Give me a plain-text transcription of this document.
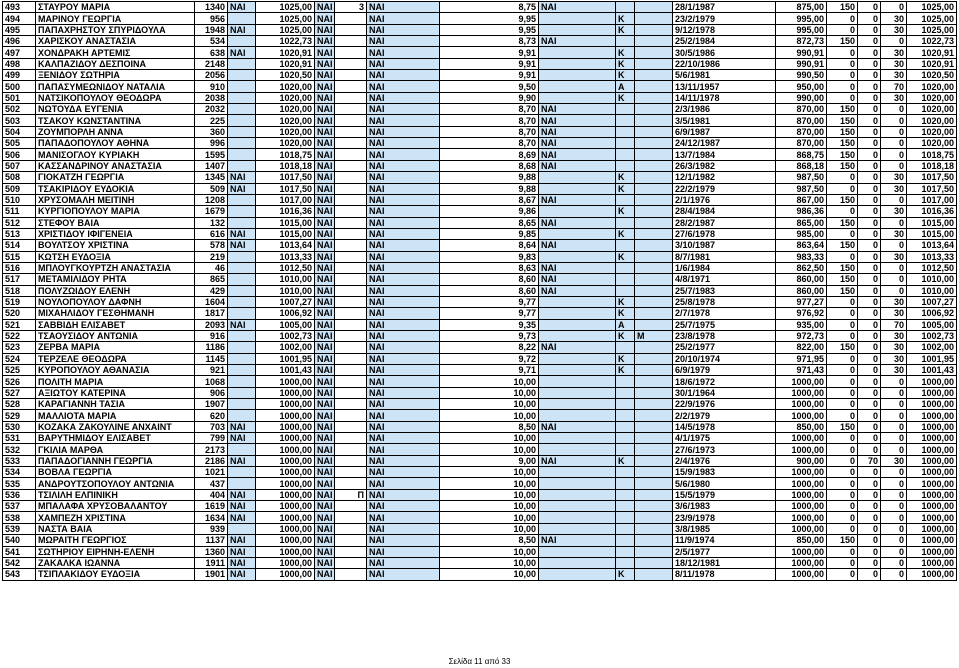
493	ΣΤΑΥΡΟΥ ΜΑΡΙΑ	1340	ΝΑΙ	1025,00	ΝΑΙ	3	ΝΑΙ	8,75	ΝΑΙ			28/1/1987	875,00	150	0	0	1025,00
494	ΜΑΡΙΝΟΥ ΓΕΩΡΓΙΑ	956		1025,00	ΝΑΙ		ΝΑΙ	9,95		Κ		23/2/1979	995,00	0	0	30	1025,00
495	ΠΑΠΑΧΡΗΣΤΟΥ ΣΠΥΡΙΔΟΥΛΑ	1948	ΝΑΙ	1025,00	ΝΑΙ		ΝΑΙ	9,95		Κ		9/12/1978	995,00	0	0	30	1025,00
496	ΧΑΡΙΣΚΟΥ ΑΝΑΣΤΑΣΙΑ	534		1022,73	ΝΑΙ		ΝΑΙ	8,73	ΝΑΙ			25/2/1984	872,73	150	0	0	1022,73
497	ΧΟΝΔΡΑΚΗ ΑΡΤΕΜΙΣ	638	ΝΑΙ	1020,91	ΝΑΙ		ΝΑΙ	9,91		Κ		30/5/1986	990,91	0	0	30	1020,91
498	ΚΑΛΠΑΖΙΔΟΥ ΔΕΣΠΟΙΝΑ	2148		1020,91	ΝΑΙ		ΝΑΙ	9,91		Κ		22/10/1986	990,91	0	0	30	1020,91
499	ΞΕΝΙΔΟΥ ΣΩΤΗΡΙΑ	2056		1020,50	ΝΑΙ		ΝΑΙ	9,91		Κ		5/6/1981	990,50	0	0	30	1020,50
500	ΠΑΠΑΣΥΜΕΩΝΙΔΟΥ ΝΑΤΑΛΙΑ	910		1020,00	ΝΑΙ		ΝΑΙ	9,50		Α		13/11/1957	950,00	0	0	70	1020,00
501	ΝΑΤΣΙΚΟΠΟΥΛΟΥ ΘΕΟΔΩΡΑ	2038		1020,00	ΝΑΙ		ΝΑΙ	9,90		Κ		14/11/1978	990,00	0	0	30	1020,00
502	ΝΩΤΟΥΔΑ ΕΥΓΕΝΙΑ	2032		1020,00	ΝΑΙ		ΝΑΙ	8,70	ΝΑΙ			2/3/1986	870,00	150	0	0	1020,00
503	ΤΣΑΚΟΥ ΚΩΝΣΤΑΝΤΙΝΑ	225		1020,00	ΝΑΙ		ΝΑΙ	8,70	ΝΑΙ			3/5/1981	870,00	150	0	0	1020,00
504	ΖΟΥΜΠΟΡΛΗ ΑΝΝΑ	360		1020,00	ΝΑΙ		ΝΑΙ	8,70	ΝΑΙ			6/9/1987	870,00	150	0	0	1020,00
505	ΠΑΠΑΔΟΠΟΥΛΟΥ ΑΘΗΝΑ	996		1020,00	ΝΑΙ		ΝΑΙ	8,70	ΝΑΙ			24/12/1987	870,00	150	0	0	1020,00
506	ΜΑΝΙΣΟΓΛΟΥ ΚΥΡΙΑΚΗ	1595		1018,75	ΝΑΙ		ΝΑΙ	8,69	ΝΑΙ			13/7/1984	868,75	150	0	0	1018,75
507	ΚΑΣΣΑΝΔΡΙΝΟΥ ΑΝΑΣΤΑΣΙΑ	1407		1018,18	ΝΑΙ		ΝΑΙ	8,68	ΝΑΙ			26/3/1982	868,18	150	0	0	1018,18
508	ΓΙΟΚΑΤΖΗ ΓΕΩΡΓΙΑ	1345	ΝΑΙ	1017,50	ΝΑΙ		ΝΑΙ	9,88		Κ		12/1/1982	987,50	0	0	30	1017,50
509	ΤΣΑΚΙΡΙΔΟΥ ΕΥΔΟΚΙΑ	509	ΝΑΙ	1017,50	ΝΑΙ		ΝΑΙ	9,88		Κ		22/2/1979	987,50	0	0	30	1017,50
510	ΧΡΥΣΟΜΑΛΗ ΜΕΙΤΙΝΗ	1208		1017,00	ΝΑΙ		ΝΑΙ	8,67	ΝΑΙ			2/1/1976	867,00	150	0	0	1017,00
511	ΚΥΡΓΙΟΠΟΥΛΟΥ ΜΑΡΙΑ	1679		1016,36	ΝΑΙ		ΝΑΙ	9,86		Κ		28/4/1984	986,36	0	0	30	1016,36
512	ΣΤΕΦΟΥ ΒΑΙΑ	132		1015,00	ΝΑΙ		ΝΑΙ	8,65	ΝΑΙ			28/2/1987	865,00	150	0	0	1015,00
513	ΧΡΙΣΤΙΔΟΥ ΙΦΙΓΕΝΕΙΑ	616	ΝΑΙ	1015,00	ΝΑΙ		ΝΑΙ	9,85		Κ		27/6/1978	985,00	0	0	30	1015,00
514	ΒΟΥΛΤΣΟΥ ΧΡΙΣΤΙΝΑ	578	ΝΑΙ	1013,64	ΝΑΙ		ΝΑΙ	8,64	ΝΑΙ			3/10/1987	863,64	150	0	0	1013,64
515	ΚΩΤΣΗ ΕΥΔΟΞΙΑ	219		1013,33	ΝΑΙ		ΝΑΙ	9,83		Κ		8/7/1981	983,33	0	0	30	1013,33
516	ΜΠΛΟΥΓΚΟΥΡΤΖΗ ΑΝΑΣΤΑΣΙΑ	46		1012,50	ΝΑΙ		ΝΑΙ	8,63	ΝΑΙ			1/6/1984	862,50	150	0	0	1012,50
517	ΜΕΤΑΜΙΛΙΔΟΥ ΡΗΤΑ	865		1010,00	ΝΑΙ		ΝΑΙ	8,60	ΝΑΙ			4/8/1971	860,00	150	0	0	1010,00
518	ΠΟΛΥΖΩΙΔΟΥ ΕΛΕΝΗ	429		1010,00	ΝΑΙ		ΝΑΙ	8,60	ΝΑΙ			25/7/1983	860,00	150	0	0	1010,00
519	ΝΟΥΛΟΠΟΥΛΟΥ ΔΑΦΝΗ	1604		1007,27	ΝΑΙ		ΝΑΙ	9,77		Κ		25/8/1978	977,27	0	0	30	1007,27
520	ΜΙΧΑΗΛΙΔΟΥ ΓΕΣΘΗΜΑΝΗ	1817		1006,92	ΝΑΙ		ΝΑΙ	9,77		Κ		2/7/1978	976,92	0	0	30	1006,92
521	ΣΑΒΒΙΔΗ ΕΛΙΣΑΒΕΤ	2093	ΝΑΙ	1005,00	ΝΑΙ		ΝΑΙ	9,35		Α		25/7/1975	935,00	0	0	70	1005,00
522	ΤΣΑΟΥΣΙΔΟΥ ΑΝΤΩΝΙΑ	916		1002,73	ΝΑΙ		ΝΑΙ	9,73		Κ	Μ	23/8/1978	972,73	0	0	30	1002,73
523	ΖΕΡΒΑ ΜΑΡΙΑ	1186		1002,00	ΝΑΙ		ΝΑΙ	8,22	ΝΑΙ			25/2/1977	822,00	150	0	30	1002,00
524	ΤΕΡΖΕΛΕ ΘΕΟΔΩΡΑ	1145		1001,95	ΝΑΙ		ΝΑΙ	9,72		Κ		20/10/1974	971,95	0	0	30	1001,95
525	ΚΥΡΟΠΟΥΛΟΥ ΑΘΑΝΑΣΙΑ	921		1001,43	ΝΑΙ		ΝΑΙ	9,71		Κ		6/9/1979	971,43	0	0	30	1001,43
526	ΠΟΛΙΤΗ ΜΑΡΙΑ	1068		1000,00	ΝΑΙ		ΝΑΙ	10,00				18/6/1972	1000,00	0	0	0	1000,00
527	ΑΞΙΩΤΟΥ ΚΑΤΕΡΙΝΑ	906		1000,00	ΝΑΙ		ΝΑΙ	10,00				30/1/1964	1000,00	0	0	0	1000,00
528	ΚΑΡΑΓΙΑΝΝΗ ΤΑΣΙΑ	1907		1000,00	ΝΑΙ		ΝΑΙ	10,00				22/9/1976	1000,00	0	0	0	1000,00
529	ΜΑΛΛΙΟΤΑ ΜΑΡΙΑ	620		1000,00	ΝΑΙ		ΝΑΙ	10,00				2/2/1979	1000,00	0	0	0	1000,00
530	ΚΟΖΑΚΑ ΖΑΚΟΥΛΙΝΕ ΑΝΧΑΙΝΤ	703	ΝΑΙ	1000,00	ΝΑΙ		ΝΑΙ	8,50	ΝΑΙ			14/5/1978	850,00	150	0	0	1000,00
531	ΒΑΡΥΤΗΜΙΔΟΥ ΕΛΙΣΑΒΕΤ	799	ΝΑΙ	1000,00	ΝΑΙ		ΝΑΙ	10,00				4/1/1975	1000,00	0	0	0	1000,00
532	ΓΚΙΛΙΑ ΜΑΡΘΑ	2173		1000,00	ΝΑΙ		ΝΑΙ	10,00				27/6/1973	1000,00	0	0	0	1000,00
533	ΠΑΠΑΔΟΓΙΑΝΝΗ ΓΕΩΡΓΙΑ	2186	ΝΑΙ	1000,00	ΝΑΙ		ΝΑΙ	9,00	ΝΑΙ	Κ		2/4/1976	900,00	0	70	30	1000,00
534	ΒΟΒΛΑ ΓΕΩΡΓΙΑ	1021		1000,00	ΝΑΙ		ΝΑΙ	10,00				15/9/1983	1000,00	0	0	0	1000,00
535	ΑΝΔΡΟΥΤΣΟΠΟΥΛΟΥ ΑΝΤΩΝΙΑ	437		1000,00	ΝΑΙ		ΝΑΙ	10,00				5/6/1980	1000,00	0	0	0	1000,00
536	ΤΣΙΛΙΛΗ ΕΛΠΙΝΙΚΗ	404	ΝΑΙ	1000,00	ΝΑΙ	Π	ΝΑΙ	10,00				15/5/1979	1000,00	0	0	0	1000,00
537	ΜΠΑΛΑΦΑ ΧΡΥΣΟΒΑΛΑΝΤΟΥ	1619	ΝΑΙ	1000,00	ΝΑΙ		ΝΑΙ	10,00				3/6/1983	1000,00	0	0	0	1000,00
538	ΧΑΜΠΕΖΗ ΧΡΙΣΤΙΝΑ	1634	ΝΑΙ	1000,00	ΝΑΙ		ΝΑΙ	10,00				23/9/1978	1000,00	0	0	0	1000,00
539	ΝΑΣΤΑ ΒΑΙΑ	939		1000,00	ΝΑΙ		ΝΑΙ	10,00				3/8/1985	1000,00	0	0	0	1000,00
540	ΜΩΡΑΙΤΗ ΓΕΩΡΓΙΟΣ	1137	ΝΑΙ	1000,00	ΝΑΙ		ΝΑΙ	8,50	ΝΑΙ			11/9/1974	850,00	150	0	0	1000,00
541	ΣΩΤΗΡΙΟΥ ΕΙΡΗΝΗ-ΕΛΕΝΗ	1360	ΝΑΙ	1000,00	ΝΑΙ		ΝΑΙ	10,00				2/5/1977	1000,00	0	0	0	1000,00
542	ΖΑΚΑΛΚΑ ΙΩΑΝΝΑ	1911	ΝΑΙ	1000,00	ΝΑΙ		ΝΑΙ	10,00				18/12/1981	1000,00	0	0	0	1000,00
543	ΤΣΙΠΛΑΚΙΔΟΥ ΕΥΔΟΞΙΑ	1901	ΝΑΙ	1000,00	ΝΑΙ		ΝΑΙ	10,00		Κ		8/11/1978	1000,00	0	0	0	1000,00
Σελίδα 11 από 33
